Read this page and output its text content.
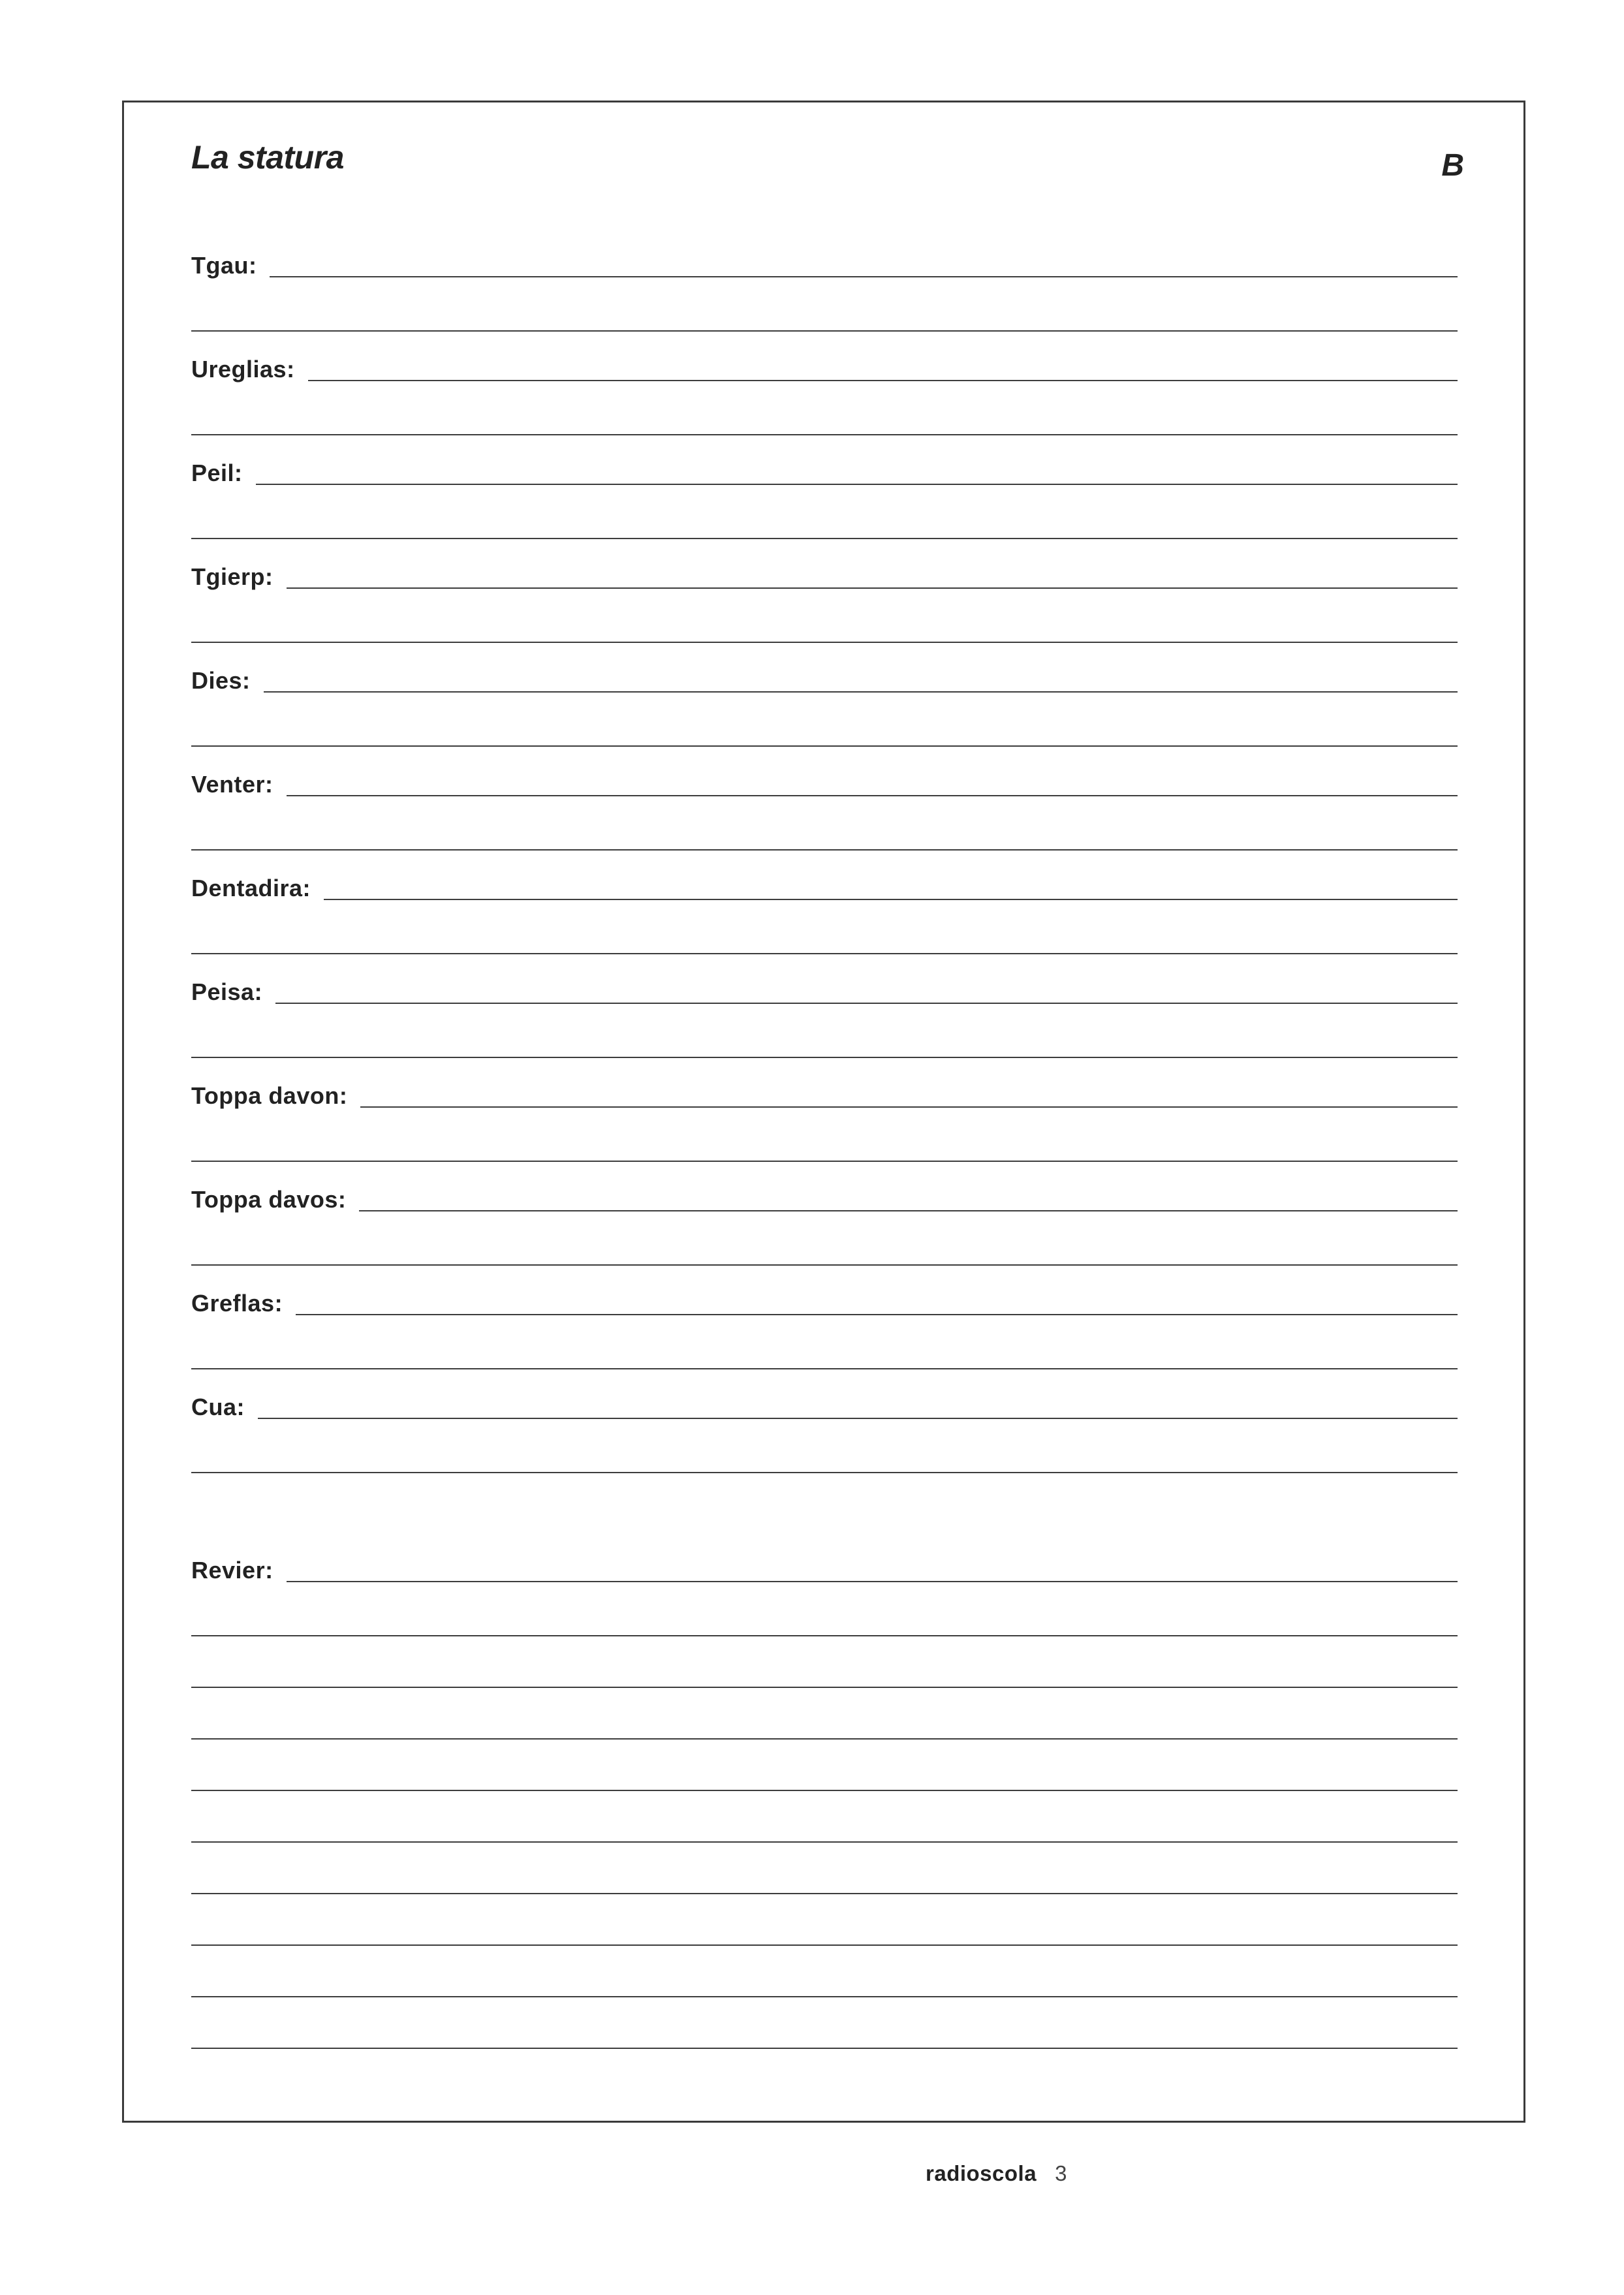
La statura	B
Tgau:
Ureglias:
Peil:
Tgierp:
Dies:
Venter:
Dentadira:
Peisa:
Toppa davon:
Toppa davos:
Greflas:
Cua:
Revier:
radioscola 3
